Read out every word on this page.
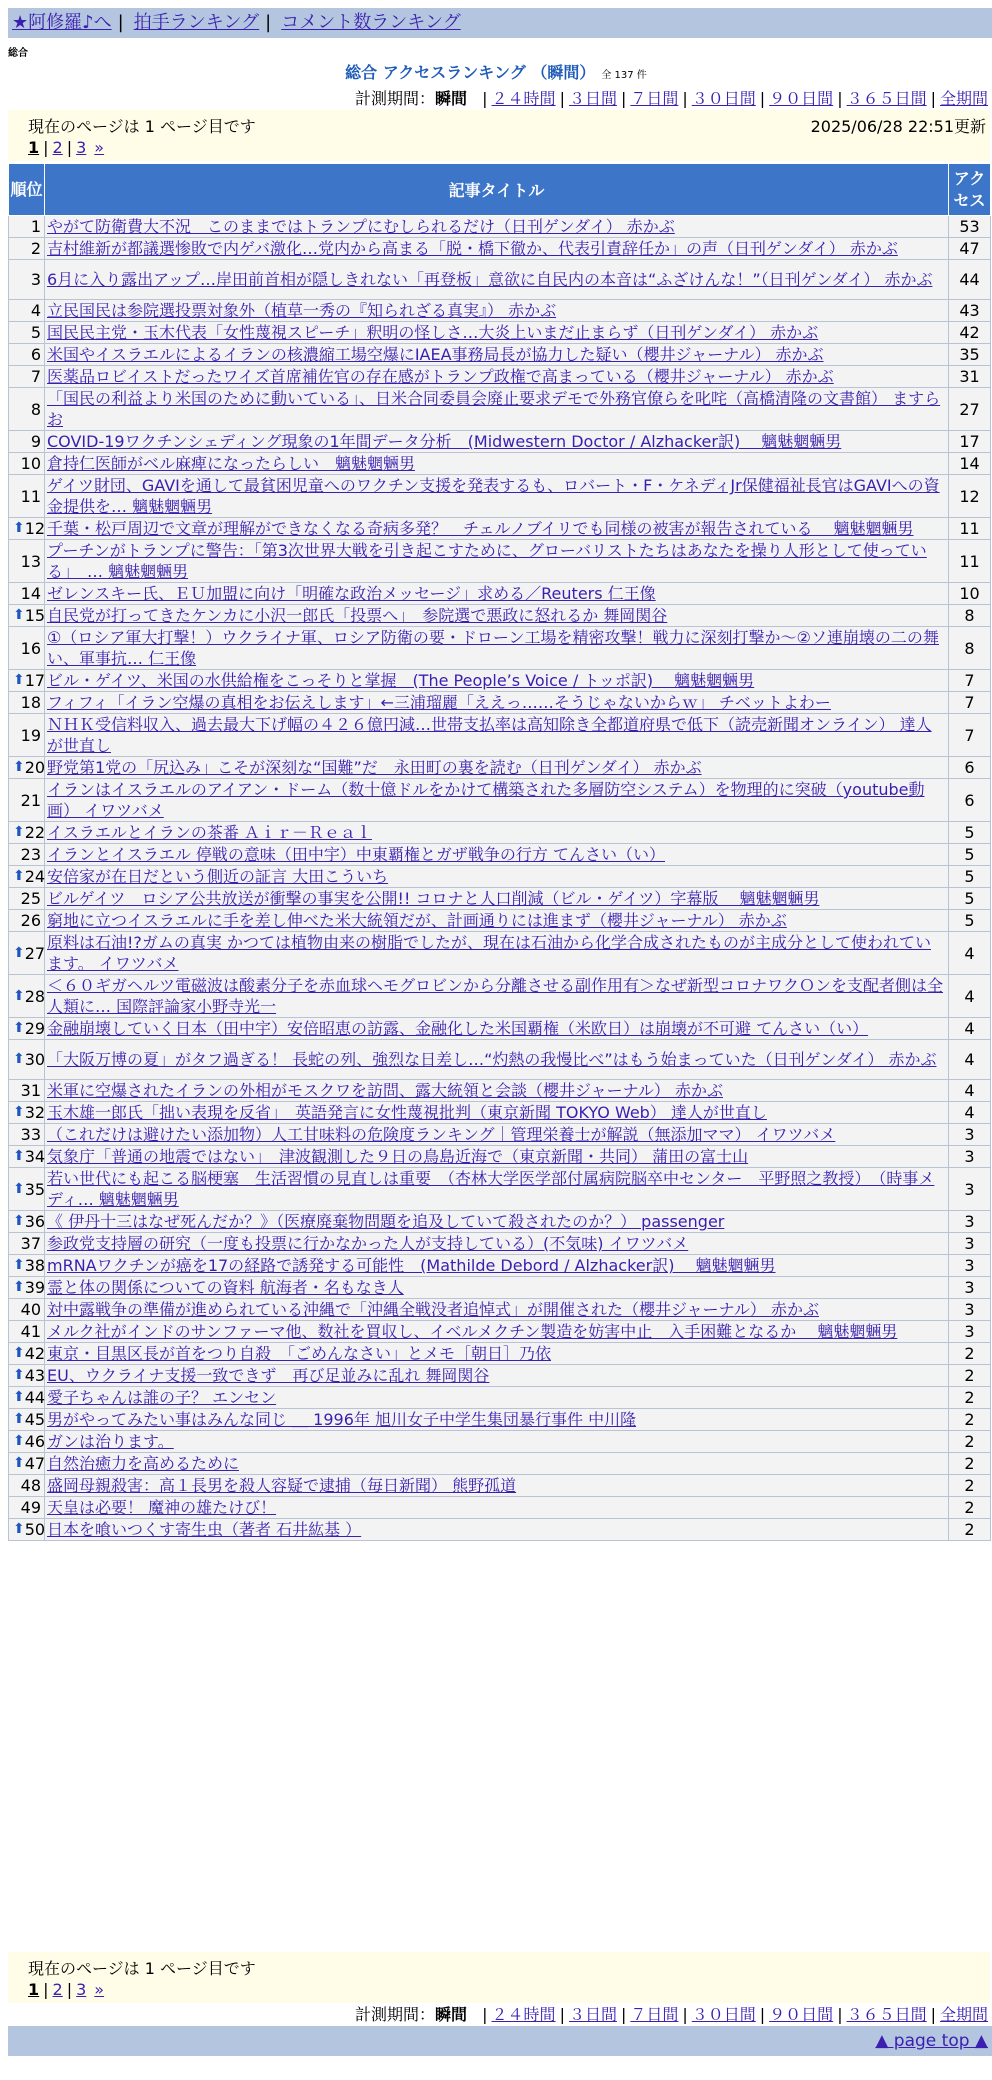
★阿修羅♪へ | 拍手ランキング | コメント数ランキング
総合
総合 アクセスランキング （瞬間） 全 137 件
計測期間：瞬間 | ２４時間 | ３日間 | ７日間 | ３０日間 | ９０日間 | ３６５日間 | 全期間
現在のページは 1 ページ目です	2025/06/28 22:51更新
1 | 2 | 3 »
順位	記事タイトル	アクセス
1	やがて防衛費大不況　このままではトランプにむしられるだけ（日刊ゲンダイ） 赤かぶ	53
2	吉村維新が都議選惨敗で内ゲバ激化…党内から高まる「脱・橋下徹か、代表引責辞任か」の声（日刊ゲンダイ） 赤かぶ	47
3	6月に入り露出アップ…岸田前首相が隠しきれない「再登板」意欲に自民内の本音は“ふざけんな！”（日刊ゲンダイ） 赤かぶ	44
4	立民国民は参院選投票対象外（植草一秀の『知られざる真実』） 赤かぶ	43
5	国民民主党・玉木代表「女性蔑視スピーチ」釈明の怪しさ…大炎上いまだ止まらず（日刊ゲンダイ） 赤かぶ	42
6	米国やイスラエルによるイランの核濃縮工場空爆にIAEA事務局長が協力した疑い（櫻井ジャーナル） 赤かぶ	35
7	医薬品ロビイストだったワイズ首席補佐官の存在感がトランプ政権で高まっている（櫻井ジャーナル） 赤かぶ	31
8	「国民の利益より米国のために動いている」、日米合同委員会廃止要求デモで外務官僚らを叱咤（高橋清隆の文書館） ますらお	27
9	COVID-19ワクチンシェディング現象の1年間データ分析　(Midwestern Doctor / Alzhacker訳)　 魑魅魍魎男	17
10	倉持仁医師がベル麻痺になったらしい　魑魅魍魎男	14
11	ゲイツ財団、GAVIを通して最貧困児童へのワクチン支援を発表するも、ロバート・F・ケネディJr保健福祉長官はGAVIへの資金提供を… 魑魅魍魎男	12

⬆ 12	千葉・松戸周辺で文章が理解ができなくなる奇病多発？　チェルノブイリでも同様の被害が報告されている　 魑魅魍魎男	11
13	プーチンがトランプに警告：「第3次世界大戦を引き起こすために、グローバリストたちはあなたを操り人形として使っている」　… 魑魅魍魎男	11
14	ゼレンスキー氏、ＥＵ加盟に向け「明確な政治メッセージ」求める／Reuters 仁王像	10

⬆ 15	自民党が打ってきたケンカに小沢一郎氏「投票へ」　参院選で悪政に怒れるか 舞岡関谷	8
16	①（ロシア軍大打撃！）ウクライナ軍、ロシア防衛の要・ドローン工場を精密攻撃！戦力に深刻打撃か～②ソ連崩壊の二の舞い、軍事抗… 仁王像	8

⬆ 17	ビル・ゲイツ、米国の水供給権をこっそりと掌握　(The People’s Voice / トッポ訳)　 魑魅魍魎男	7
18	フィフィ「イラン空爆の真相をお伝えします」←三浦瑠麗「ええっ……そうじゃないからｗ」 チベットよわー	7
19	ＮＨＫ受信料収入、過去最大下げ幅の４２６億円減…世帯支払率は高知除き全都道府県で低下（読売新聞オンライン） 達人が世直し	7

⬆ 20	野党第1党の「尻込み」こそが深刻な“国難”だ　永田町の裏を読む（日刊ゲンダイ） 赤かぶ	6
21	イランはイスラエルのアイアン・ドーム（数十億ドルをかけて構築された多層防空システム）を物理的に突破（youtube動画） イワツバメ	6

⬆ 22	イスラエルとイランの茶番 Ａｉｒ－Ｒｅａｌ	5
23	イランとイスラエル 停戦の意味（田中宇）中東覇権とガザ戦争の行方 てんさい（い）	5

⬆ 24	安倍家が在日だという側近の証言 大田こういち	5
25	ビルゲイツ　ロシア公共放送が衝撃の事実を公開!! コロナと人口削減（ビル・ゲイツ）字幕版　 魑魅魍魎男	5
26	窮地に立つイスラエルに手を差し伸べた米大統領だが、計画通りには進まず（櫻井ジャーナル） 赤かぶ	5

⬆ 27	原料は石油!?ガムの真実 かつては植物由来の樹脂でしたが、現在は石油から化学合成されたものが主成分として使われています。 イワツバメ	4

⬆ 28	＜６０ギガヘルツ電磁波は酸素分子を赤血球ヘモグロビンから分離させる副作用有＞なぜ新型コロナワクＯンを支配者側は全人類に… 国際評論家小野寺光一	4

⬆ 29	金融崩壊していく日本（田中宇）安倍昭恵の訪露、金融化した米国覇権（米欧日）は崩壊が不可避 てんさい（い）	4

⬆ 30	「大阪万博の夏」がタフ過ぎる！ 長蛇の列、強烈な日差し…“灼熱の我慢比べ”はもう始まっていた（日刊ゲンダイ） 赤かぶ	4
31	米軍に空爆されたイランの外相がモスクワを訪問、露大統領と会談（櫻井ジャーナル） 赤かぶ	4

⬆ 32	玉木雄一郎氏「拙い表現を反省」　英語発言に女性蔑視批判（東京新聞 TOKYO Web） 達人が世直し	4
33	（これだけは避けたい添加物）人工甘味料の危険度ランキング｜管理栄養士が解説（無添加ママ） イワツバメ	3

⬆ 34	気象庁「普通の地震ではない」　津波観測した９日の鳥島近海で（東京新聞・共同） 蒲田の富士山	3

⬆ 35	若い世代にも起こる脳梗塞　生活習慣の見直しは重要　（杏林大学医学部付属病院脳卒中センター　平野照之教授）　（時事メディ… 魑魅魍魎男	3

⬆ 36	《 伊丹十三はなぜ死んだか？》（医療廃棄物問題を追及していて殺されたのか？） passenger	3
37	参政党支持層の研究（一度も投票に行かなかった人が支持している）(不気味) イワツバメ	3

⬆ 38	mRNAワクチンが癌を17の経路で誘発する可能性　(Mathilde Debord / Alzhacker訳)　 魑魅魍魎男	3

⬆ 39	霊と体の関係についての資料 航海者・名もなき人	3
40	対中露戦争の準備が進められている沖縄で「沖縄全戦没者追悼式」が開催された（櫻井ジャーナル） 赤かぶ	3
41	メルク社がインドのサンファーマ他、数社を買収し、イベルメクチン製造を妨害中止　入手困難となるか　 魑魅魍魎男	3

⬆ 42	東京・目黒区長が首をつり自殺　「ごめんなさい」とメモ［朝日］乃依	2

⬆ 43	EU、ウクライナ支援一致できず　再び足並みに乱れ 舞岡関谷	2

⬆ 44	愛子ちゃんは誰の子？ エンセン	2

⬆ 45	男がやってみたい事はみんな同じ ＿ 1996年 旭川女子中学生集団暴行事件 中川隆	2

⬆ 46	ガンは治ります。	2

⬆ 47	自然治癒力を高めるために	2
48	盛岡母親殺害：高１長男を殺人容疑で逮捕（毎日新聞） 熊野孤道	2
49	天皇は必要！ 魔神の雄たけび！	2

⬆ 50	日本を喰いつくす寄生虫（著者 石井紘基 ）	2
現在のページは 1 ページ目です
1 | 2 | 3 »
計測期間：瞬間 | ２４時間 | ３日間 | ７日間 | ３０日間 | ９０日間 | ３６５日間 | 全期間
▲ page top ▲
